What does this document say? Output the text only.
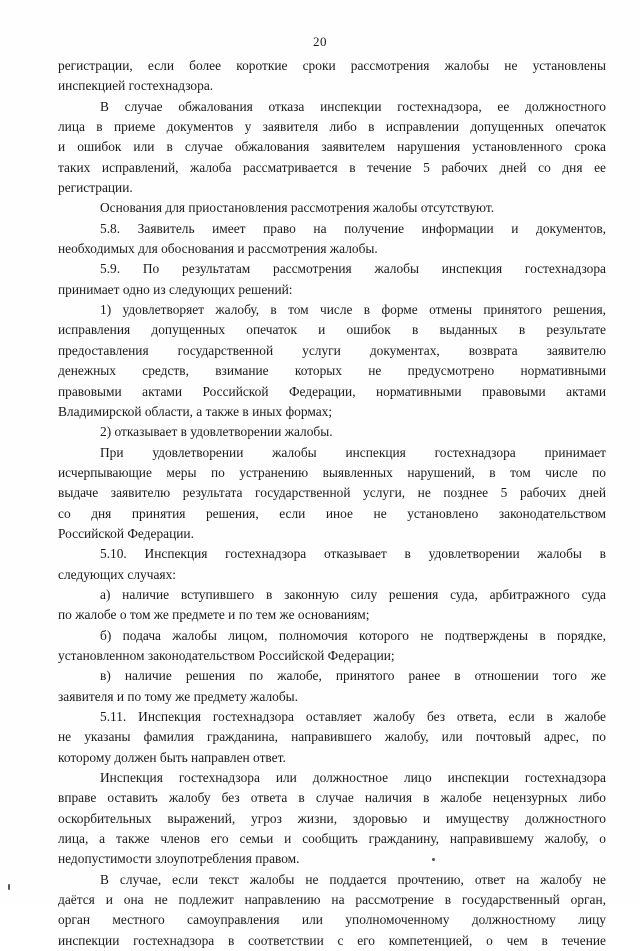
20
регистрации, если более короткие сроки рассмотрения жалобы не установлены
инспекцией гостехнадзора.
В случае обжалования отказа инспекции гостехнадзора, ее должностного
лица в приеме документов у заявителя либо в исправлении допущенных опечаток
и ошибок или в случае обжалования заявителем нарушения установленного срока
таких исправлений, жалоба рассматривается в течение 5 рабочих дней со дня ее
регистрации.
Основания для приостановления рассмотрения жалобы отсутствуют.
5.8. Заявитель имеет право на получение информации и документов,
необходимых для обоснования и рассмотрения жалобы.
5.9. По результатам рассмотрения жалобы инспекция гостехнадзора
принимает одно из следующих решений:
1) удовлетворяет жалобу, в том числе в форме отмены принятого решения,
исправления допущенных опечаток и ошибок в выданных в результате
предоставления государственной услуги документах, возврата заявителю
денежных средств, взимание которых не предусмотрено нормативными
правовыми актами Российской Федерации, нормативными правовыми актами
Владимирской области, а также в иных формах;
2) отказывает в удовлетворении жалобы.
При удовлетворении жалобы инспекция гостехнадзора принимает
исчерпывающие меры по устранению выявленных нарушений, в том числе по
выдаче заявителю результата государственной услуги, не позднее 5 рабочих дней
со дня принятия решения, если иное не установлено законодательством
Российской Федерации.
5.10. Инспекция гостехнадзора отказывает в удовлетворении жалобы в
следующих случаях:
а) наличие вступившего в законную силу решения суда, арбитражного суда
по жалобе о том же предмете и по тем же основаниям;
б) подача жалобы лицом, полномочия которого не подтверждены в порядке,
установленном законодательством Российской Федерации;
в) наличие решения по жалобе, принятого ранее в отношении того же
заявителя и по тому же предмету жалобы.
5.11. Инспекция гостехнадзора оставляет жалобу без ответа, если в жалобе
не указаны фамилия гражданина, направившего жалобу, или почтовый адрес, по
которому должен быть направлен ответ.
Инспекция гостехнадзора или должностное лицо инспекции гостехнадзора
вправе оставить жалобу без ответа в случае наличия в жалобе нецензурных либо
оскорбительных выражений, угроз жизни, здоровью и имуществу должностного
лица, а также членов его семьи и сообщить гражданину, направившему жалобу, о
недопустимости злоупотребления правом.
В случае, если текст жалобы не поддается прочтению, ответ на жалобу не
даётся и она не подлежит направлению на рассмотрение в государственный орган,
орган местного самоуправления или уполномоченному должностному лицу
инспекции гостехнадзора в соответствии с его компетенцией, о чем в течение
